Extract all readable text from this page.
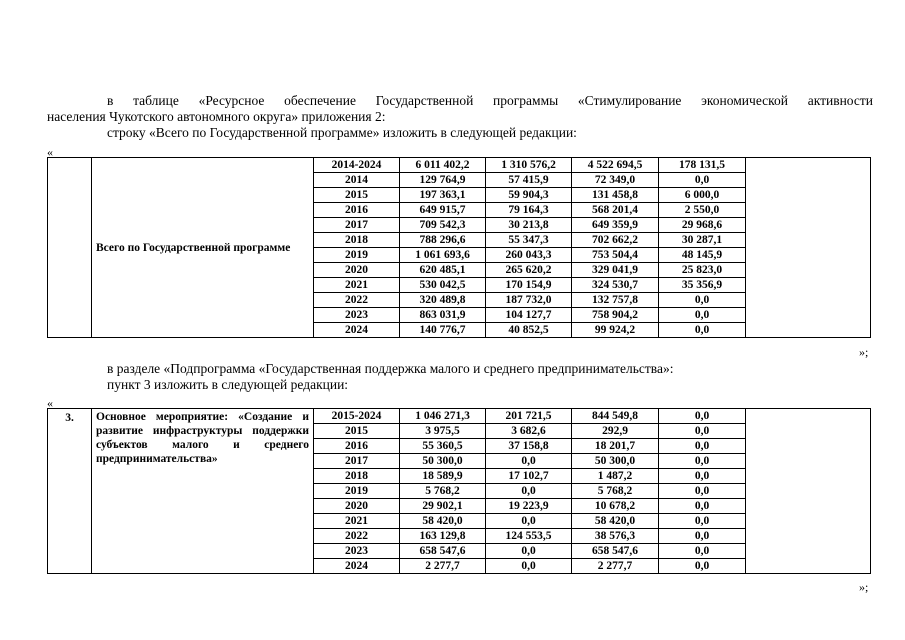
в таблице «Ресурсное обеспечение Государственной программы «Стимулирование экономической активности
населения Чукотского автономного округа» приложения 2:
строку «Всего по Государственной программе» изложить в следующей редакции:
«
	Всего по Государственной программе	2014-2024	6 011 402,2	1 310 576,2	4 522 694,5	178 131,5	
		2014	129 764,9	57 415,9	72 349,0	0,0	
		2015	197 363,1	59 904,3	131 458,8	6 000,0	
		2016	649 915,7	79 164,3	568 201,4	2 550,0	
		2017	709 542,3	30 213,8	649 359,9	29 968,6	
		2018	788 296,6	55 347,3	702 662,2	30 287,1	
		2019	1 061 693,6	260 043,3	753 504,4	48 145,9	
		2020	620 485,1	265 620,2	329 041,9	25 823,0	
		2021	530 042,5	170 154,9	324 530,7	35 356,9	
		2022	320 489,8	187 732,0	132 757,8	0,0	
		2023	863 031,9	104 127,7	758 904,2	0,0	
		2024	140 776,7	40 852,5	99 924,2	0,0	
»;
в разделе «Подпрограмма «Государственная поддержка малого и среднего предпринимательства»:
пункт 3 изложить в следующей редакции:
«
3.	Основное мероприятие: «Создание и развитие инфраструктуры поддержки субъектов малого и среднего предпринимательства»	2015-2024	1 046 271,3	201 721,5	844 549,8	0,0	
		2015	3 975,5	3 682,6	292,9	0,0	
		2016	55 360,5	37 158,8	18 201,7	0,0	
		2017	50 300,0	0,0	50 300,0	0,0	
		2018	18 589,9	17 102,7	1 487,2	0,0	
		2019	5 768,2	0,0	5 768,2	0,0	
		2020	29 902,1	19 223,9	10 678,2	0,0	
		2021	58 420,0	0,0	58 420,0	0,0	
		2022	163 129,8	124 553,5	38 576,3	0,0	
		2023	658 547,6	0,0	658 547,6	0,0	
		2024	2 277,7	0,0	2 277,7	0,0	
»;
